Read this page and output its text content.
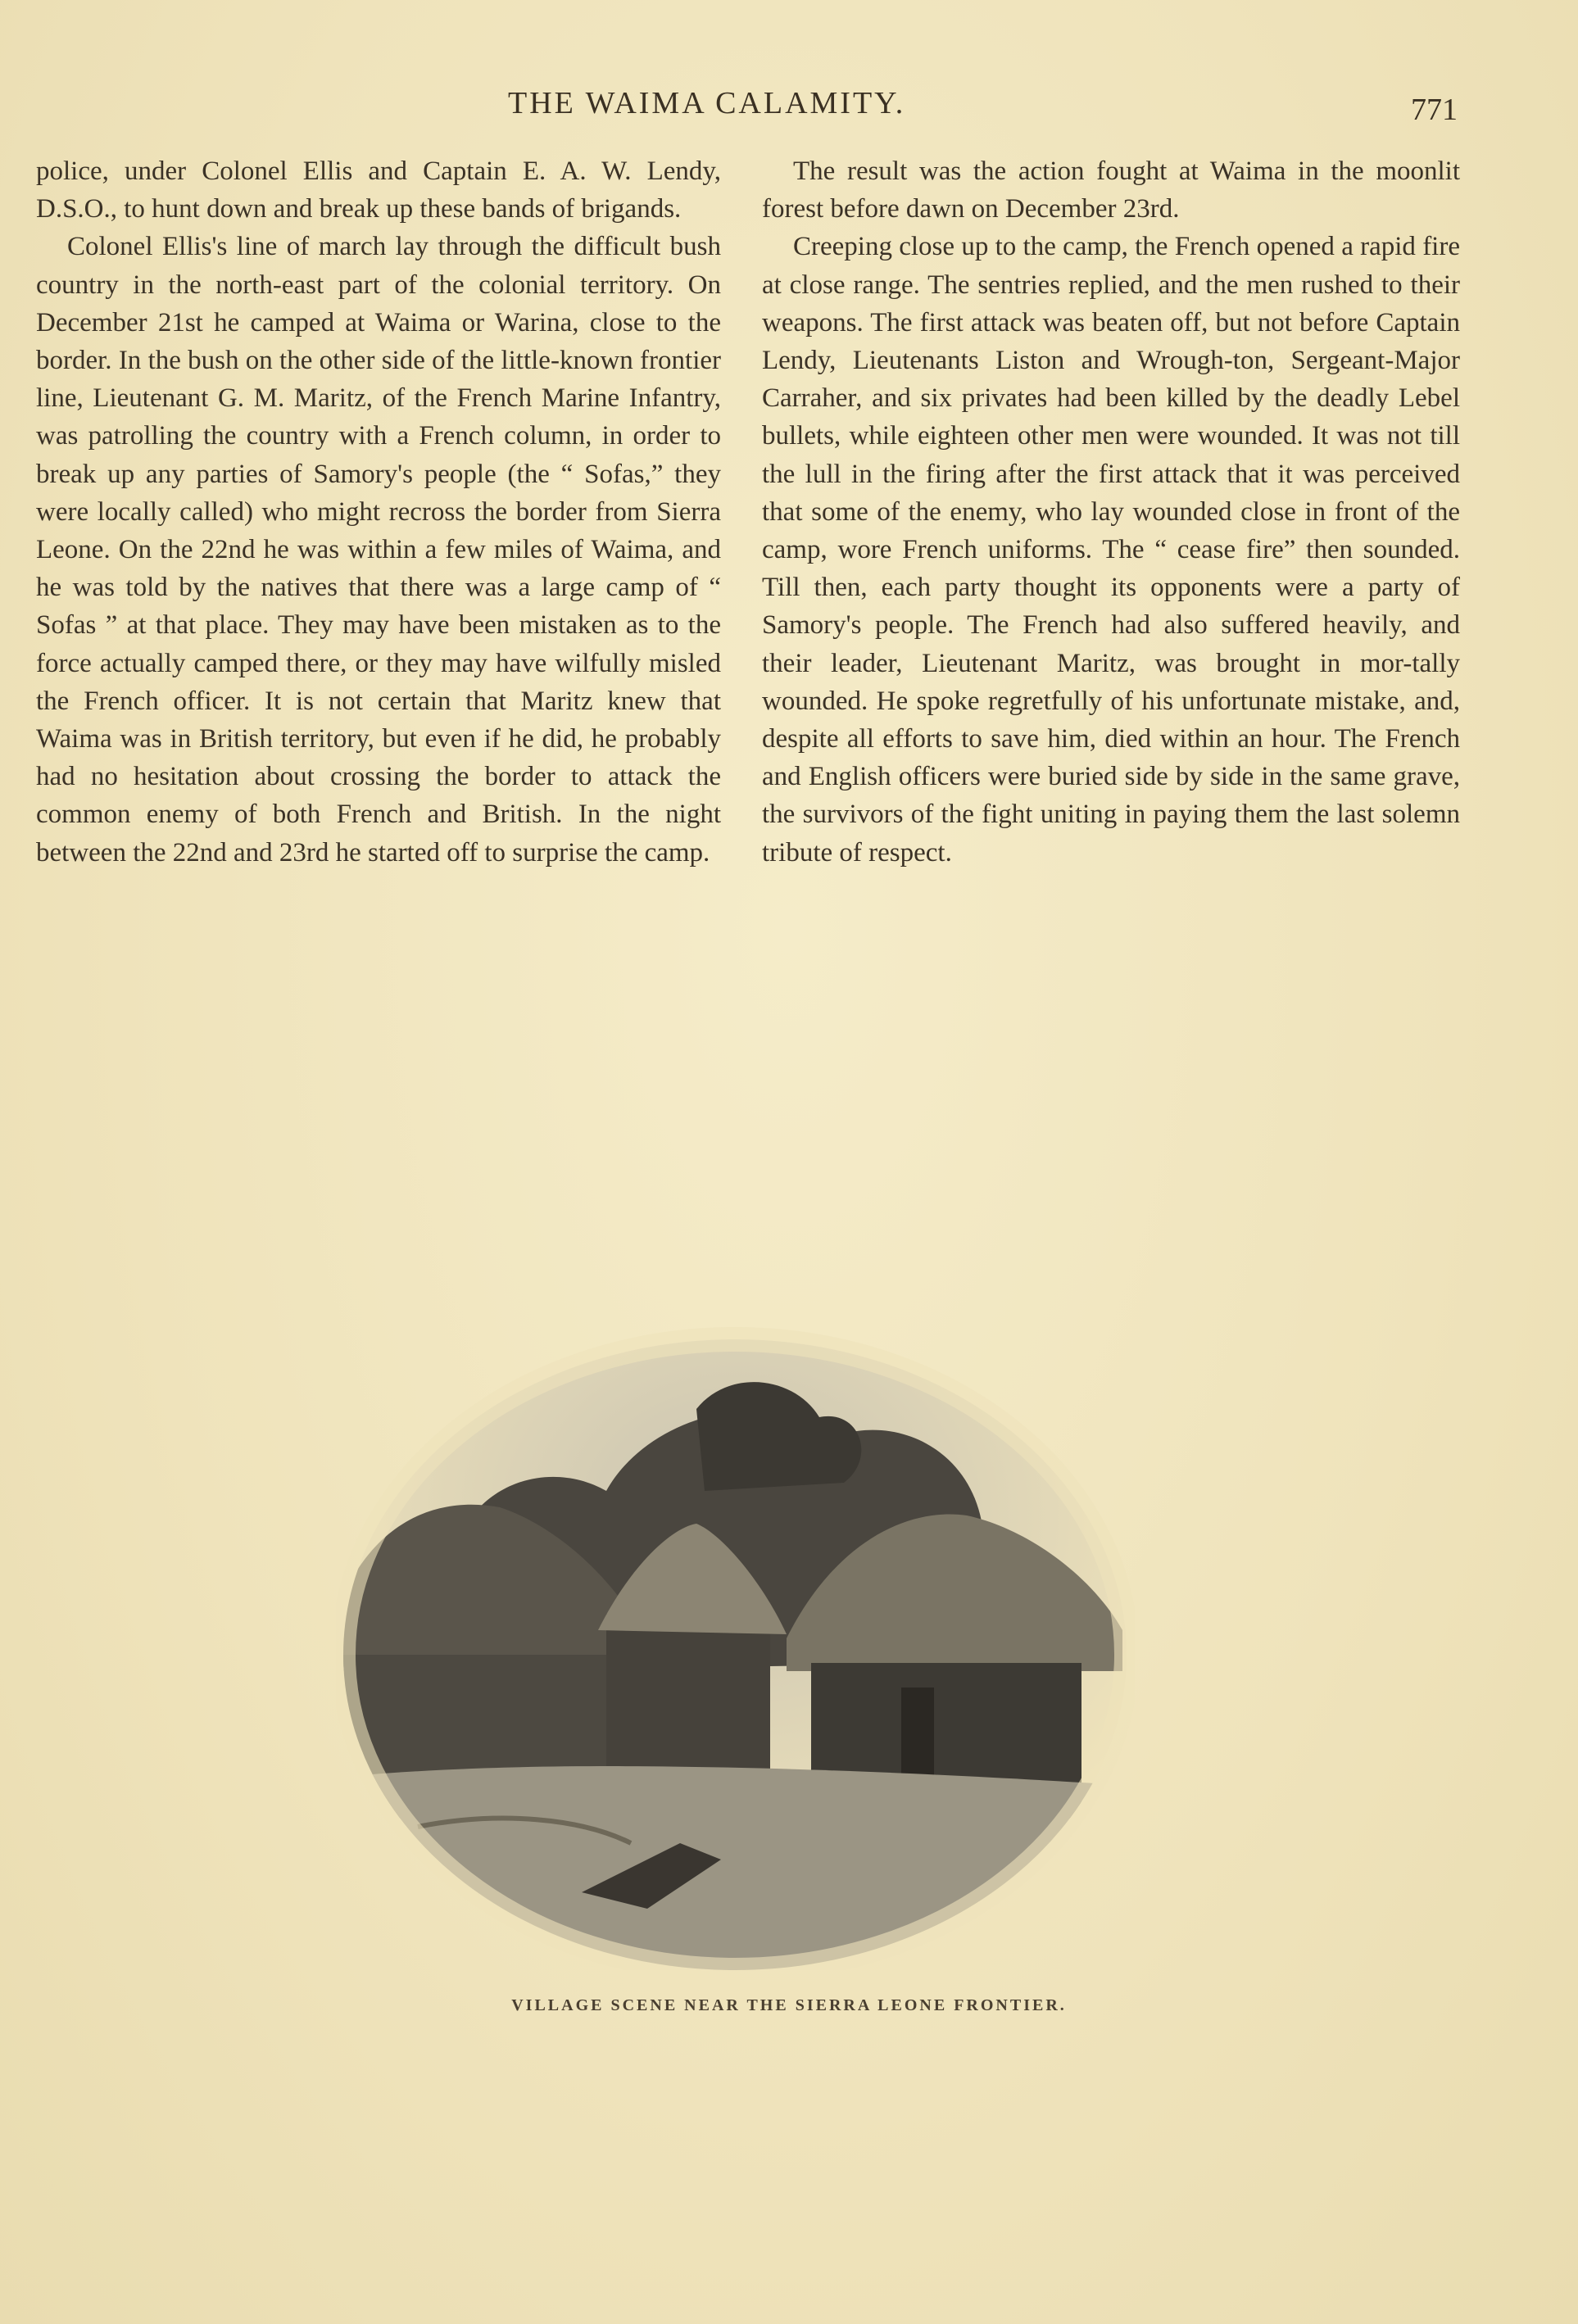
THE WAIMA CALAMITY.	771

police, under Colonel Ellis and Captain E. A. W. Lendy, D.S.O., to hunt down and break up these bands of brigands.

Colonel Ellis's line of march lay through the difficult bush country in the north-east part of the colonial territory. On December 21st he camped at Waima or Warina, close to the border. In the bush on the other side of the little-known frontier line, Lieutenant G. M. Maritz, of the French Marine Infantry, was patrolling the country with a French column, in order to break up any parties of Samory's people (the “ Sofas,” they were locally called) who might recross the border from Sierra Leone. On the 22nd he was within a few miles of Waima, and he was told by the natives that there was a large camp of “ Sofas ” at that place. They may have been mistaken as to the force actually camped there, or they may have wilfully misled the French officer. It is not certain that Maritz knew that Waima was in British territory, but even if he did, he probably had no hesitation about crossing the border to attack the common enemy of both French and British. In the night between the 22nd and 23rd he started off to surprise the camp.

The result was the action fought at Waima in the moonlit forest before dawn on December 23rd.

Creeping close up to the camp, the French opened a rapid fire at close range. The sentries replied, and the men rushed to their weapons. The first attack was beaten off, but not before Captain Lendy, Lieutenants Liston and Wrough-ton, Sergeant-Major Carraher, and six privates had been killed by the deadly Lebel bullets, while eighteen other men were wounded. It was not till the lull in the firing after the first attack that it was perceived that some of the enemy, who lay wounded close in front of the camp, wore French uniforms. The “ cease fire” then sounded. Till then, each party thought its opponents were a party of Samory's people. The French had also suffered heavily, and their leader, Lieutenant Maritz, was brought in mor-tally wounded. He spoke regretfully of his unfortunate mistake, and, despite all efforts to save him, died within an hour. The French and English officers were buried side by side in the same grave, the survivors of the fight uniting in paying them the last solemn tribute of respect.

VILLAGE SCENE NEAR THE SIERRA LEONE FRONTIER.
